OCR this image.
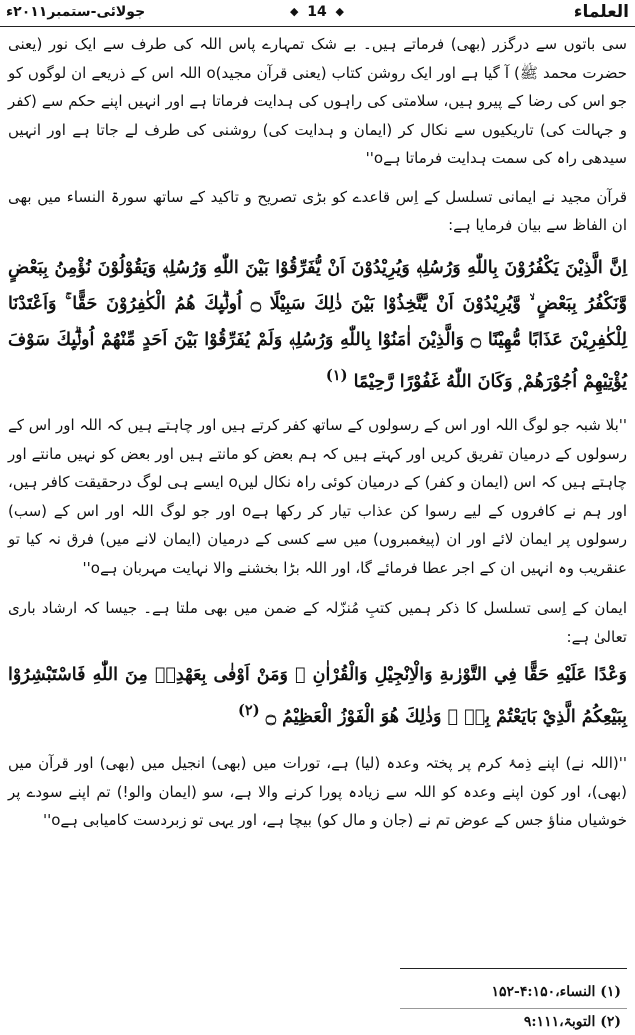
العلماء
◆ 14 ◆
جولائی-ستمبر۲۰۱۱ء

سی باتوں سے درگزر (بھی) فرماتے ہیں۔ بے شک تمہارے پاس اللہ کی طرف سے ایک نور (یعنی حضرت محمد ﷺ) آ گیا ہے اور ایک روشن کتاب (یعنی قرآن مجید)o اللہ اس کے ذریعے ان لوگوں کو جو اس کی رضا کے پیرو ہیں، سلامتی کی راہوں کی ہدایت فرماتا ہے اور انہیں اپنے حکم سے (کفر و جہالت کی) تاریکیوں سے نکال کر (ایمان و ہدایت کی) روشنی کی طرف لے جاتا ہے اور انہیں سیدھی راہ کی سمت ہدایت فرماتا ہےo''

قرآن مجید نے ایمانی تسلسل کے اِس قاعدے کو بڑی تصریح و تاکید کے ساتھ سورۃ النساء میں بھی ان الفاظ سے بیان فرمایا ہے:

اِنَّ الَّذِيْنَ يَكْفُرُوْنَ بِاللّٰهِ وَرُسُلِهٖ وَيُرِيْدُوْنَ اَنْ يُّفَرِّقُوْا بَيْنَ اللّٰهِ وَرُسُلِهٖ وَيَقُوْلُوْنَ نُؤْمِنُ بِبَعْضٍ وَّنَكْفُرُ بِبَعْضٍ ۙ وَّيُرِيْدُوْنَ اَنْ يَّتَّخِذُوْا بَيْنَ ذٰلِكَ سَبِيْلًا ۝ اُولٰۗىِٕكَ هُمُ الْكٰفِرُوْنَ حَقًّا ۚ وَاَعْتَدْنَا لِلْكٰفِرِيْنَ عَذَابًا مُّهِيْنًا ۝ وَالَّذِيْنَ اٰمَنُوْا بِاللّٰهِ وَرُسُلِهٖ وَلَمْ يُفَرِّقُوْا بَيْنَ اَحَدٍ مِّنْهُمْ اُولٰۗىِٕكَ سَوْفَ يُؤْتِيْهِمْ اُجُوْرَهُمْ ۭ وَكَانَ اللّٰهُ غَفُوْرًا رَّحِيْمًا $^{(۱)}$

''بلا شبہ جو لوگ اللہ اور اس کے رسولوں کے ساتھ کفر کرتے ہیں اور چاہتے ہیں کہ اللہ اور اس کے رسولوں کے درمیان تفریق کریں اور کہتے ہیں کہ ہم بعض کو مانتے ہیں اور بعض کو نہیں مانتے اور چاہتے ہیں کہ اس (ایمان و کفر) کے درمیان کوئی راہ نکال لیںo ایسے ہی لوگ درحقیقت کافر ہیں، اور ہم نے کافروں کے لیے رسوا کن عذاب تیار کر رکھا ہےo اور جو لوگ اللہ اور اس کے (سب) رسولوں پر ایمان لائے اور ان (پیغمبروں) میں سے کسی کے درمیان (ایمان لانے میں) فرق نہ کیا تو عنقریب وہ انہیں ان کے اجر عطا فرمائے گا، اور اللہ بڑا بخشنے والا نہایت مہربان ہےo''

ایمان کے اِسی تسلسل کا ذکر ہمیں کتبِ مُنزّلہ کے ضمن میں بھی ملتا ہے۔ جیسا کہ ارشاد باری تعالیٰ ہے:

وَعْدًا عَلَيْهِ حَقًّا فِي التَّوْرٰىةِ وَالْاِنْجِيْلِ وَالْقُرْاٰنِ ۭ وَمَنْ اَوْفٰى بِعَهْدِهٖ مِنَ اللّٰهِ فَاسْتَبْشِرُوْا بِبَيْعِكُمُ الَّذِيْ بَايَعْتُمْ بِهٖ ۭ وَذٰلِكَ هُوَ الْفَوْزُ الْعَظِيْمُ ۝ $^{(۲)}$

''(اللہ نے) اپنے ذِمۂ کرم پر پختہ وعدہ (لیا) ہے، تورات میں (بھی) انجیل میں (بھی) اور قرآن میں (بھی)، اور کون اپنے وعدہ کو اللہ سے زیادہ پورا کرنے والا ہے، سو (ایمان والو!) تم اپنے سودے پر خوشیاں مناؤ جس کے عوض تم نے (جان و مال کو) بیچا ہے، اور یہی تو زبردست کامیابی ہےo''

(۱) النساء،۴:۱۵۰-۱۵۲
(۲) التوبۃ،۹:۱۱۱
